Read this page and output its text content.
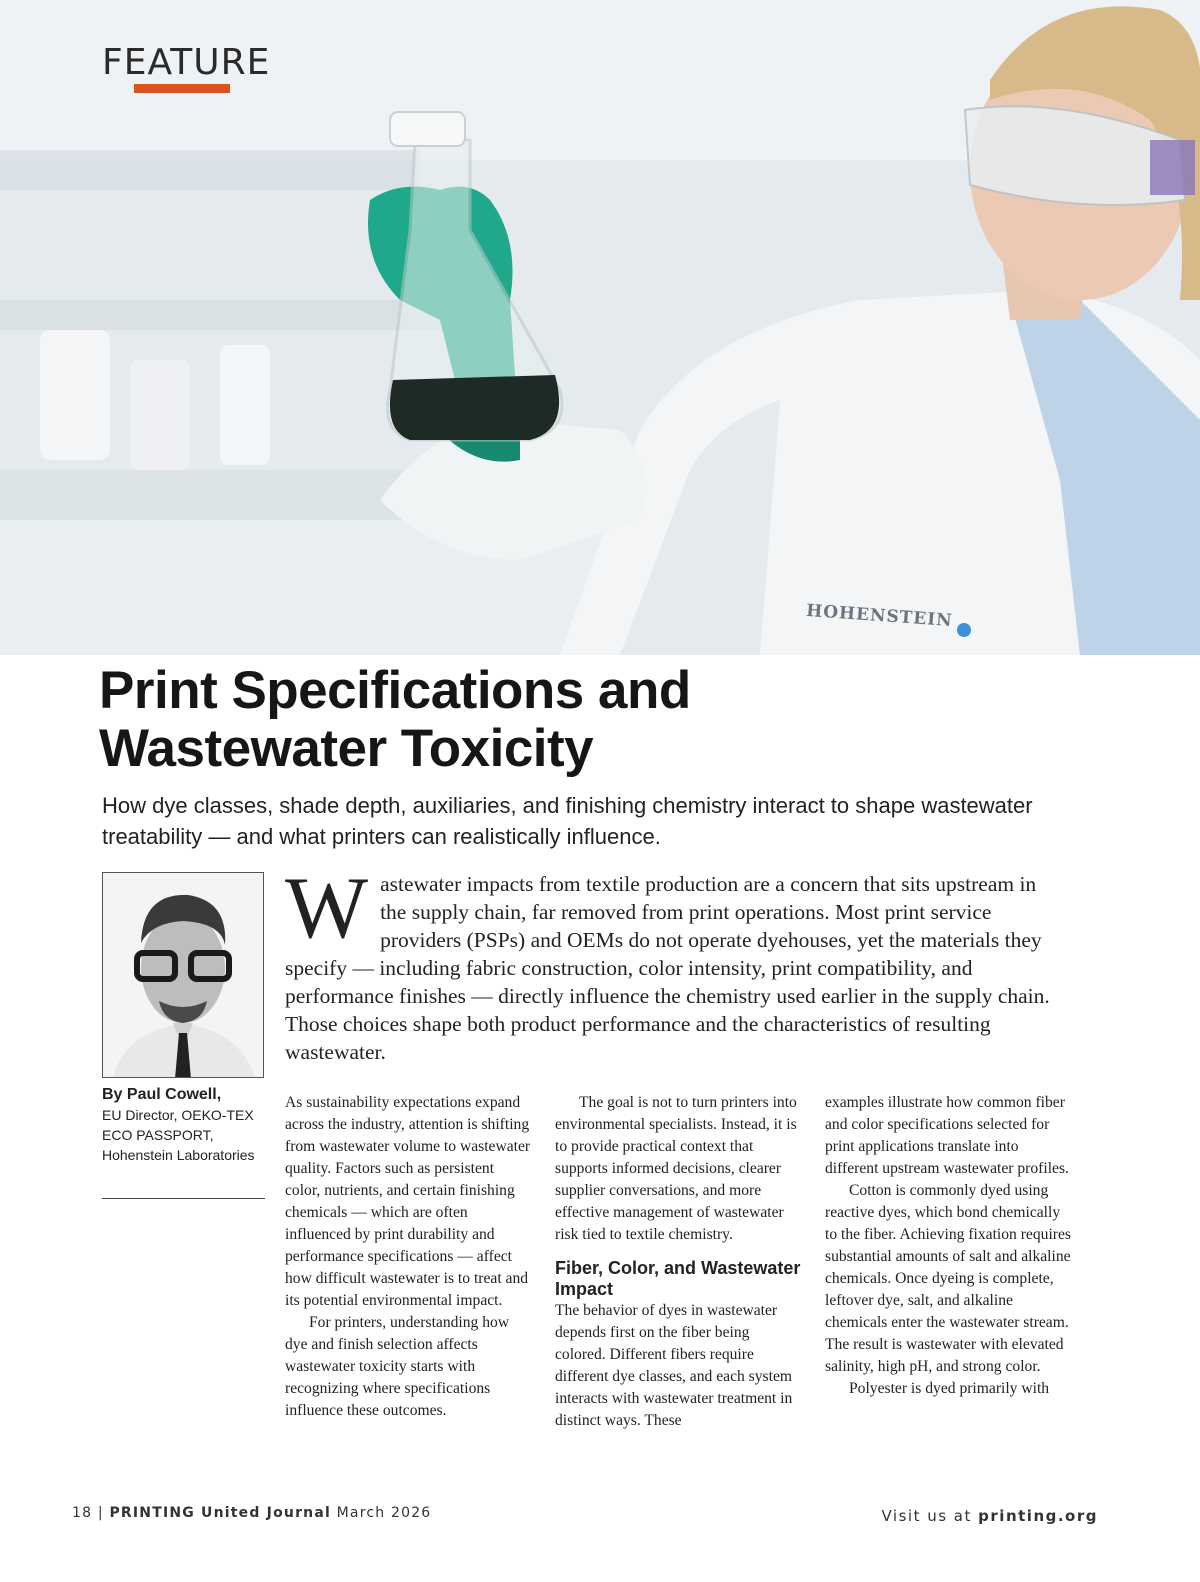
FEATURE
HOHENSTEIN
Print Specifications and
Wastewater Toxicity

How dye classes, shade depth, auxiliaries, and finishing chemistry interact to shape wastewater treatability — and what printers can realistically influence.

By Paul Cowell,
EU Director, OEKO-TEX ECO PASSPORT, Hohenstein Laboratories

Wastewater impacts from textile production are a concern that sits upstream in the supply chain, far removed from print operations. Most print service providers (PSPs) and OEMs do not operate dyehouses, yet the materials they specify — including fabric construction, color intensity, print compatibility, and performance finishes — directly influence the chemistry used earlier in the supply chain. Those choices shape both product performance and the characteristics of resulting wastewater.

As sustainability expectations expand across the industry, attention is shifting from wastewater volume to wastewater quality. Factors such as persistent color, nutrients, and certain finishing chemicals — which are often influenced by print durability and performance specifications — affect how difficult wastewater is to treat and its potential environmental impact.

For printers, understanding how dye and finish selection affects wastewater toxicity starts with recognizing where specifications influence these outcomes.

The goal is not to turn printers into environmental specialists. Instead, it is to provide practical context that supports informed decisions, clearer supplier conversations, and more effective management of wastewater risk tied to textile chemistry.

Fiber, Color, and Wastewater Impact

The behavior of dyes in wastewater depends first on the fiber being colored. Different fibers require different dye classes, and each system interacts with wastewater treatment in distinct ways. These

examples illustrate how common fiber and color specifications selected for print applications translate into different upstream wastewater profiles.

Cotton is commonly dyed using reactive dyes, which bond chemically to the fiber. Achieving fixation requires substantial amounts of salt and alkaline chemicals. Once dyeing is complete, leftover dye, salt, and alkaline chemicals enter the wastewater stream. The result is wastewater with elevated salinity, high pH, and strong color.

Polyester is dyed primarily with

18 | PRINTING United Journal March 2026	Visit us at printing.org
